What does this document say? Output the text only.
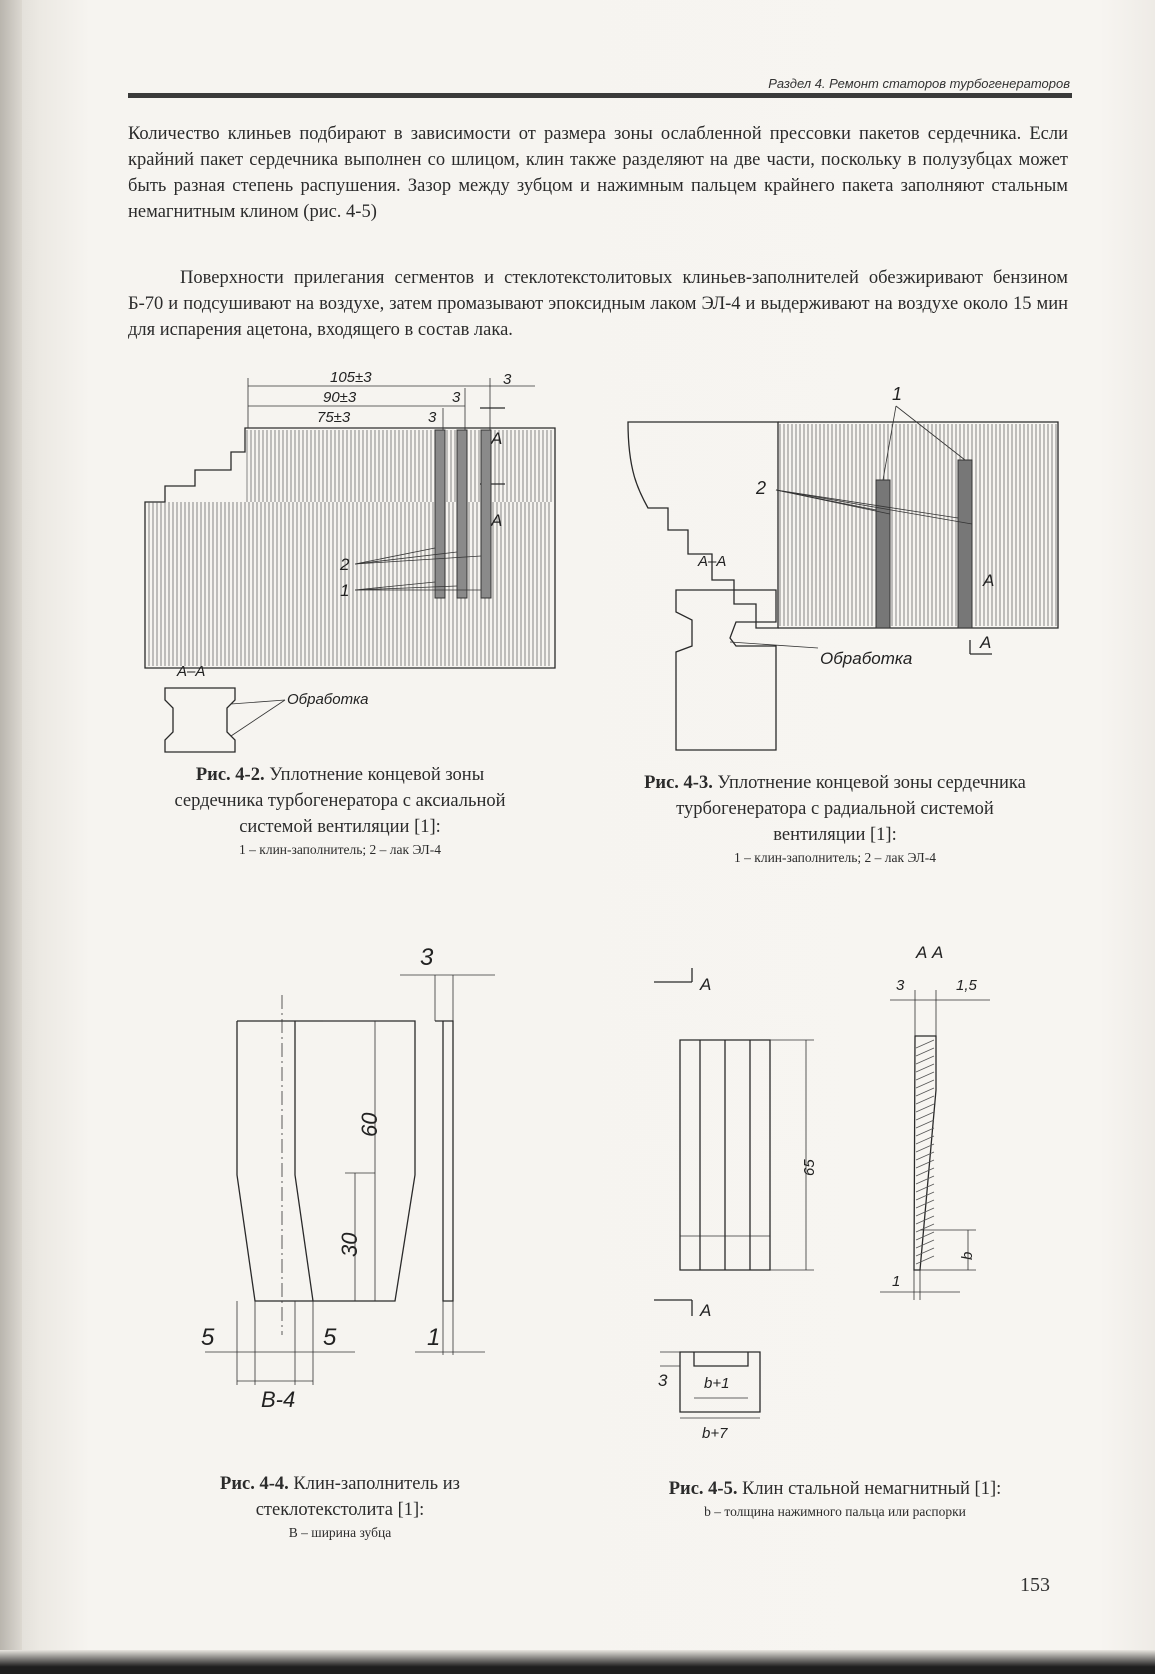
Раздел 4. Ремонт статоров турбогенераторов
Количество клиньев подбирают в зависимости от размера зоны ослабленной прессовки пакетов сердечника. Если крайний пакет сердечника выполнен со шлицом, клин также разделяют на две части, поскольку в полузубцах может быть разная степень распушения. Зазор между зубцом и нажимным пальцем крайнего пакета заполняют стальным немагнитным клином (рис. 4-5)
Поверхности прилегания сегментов и стеклотекстолитовых клиньев-заполнителей обезжиривают бензином Б-70 и подсушивают на воздухе, затем промазывают эпоксидным лаком ЭЛ-4 и выдерживают на воздухе около 15 мин для испарения ацетона, входящего в состав лака.
105±3
90±3
75±3
3
3
3
А
А
2
1
А–А
Обработка
1
2
А
А–А
Обработка
А
60
30
3
5	5	1
В-4
А
65
А
А А
3	1,5
1
b
3 b+1
b+7
Рис. 4-2. Уплотнение концевой зоны сердечника турбогенератора с аксиальной системой вентиляции [1]:
1 – клин-заполнитель; 2 – лак ЭЛ-4
Рис. 4-3. Уплотнение концевой зоны сердечника турбогенератора с радиальной системой вентиляции [1]:
1 – клин-заполнитель; 2 – лак ЭЛ-4
Рис. 4-4. Клин-заполнитель из стеклотекстолита [1]:
В – ширина зубца
Рис. 4-5. Клин стальной немагнитный [1]:
b – толщина нажимного пальца или распорки
153
